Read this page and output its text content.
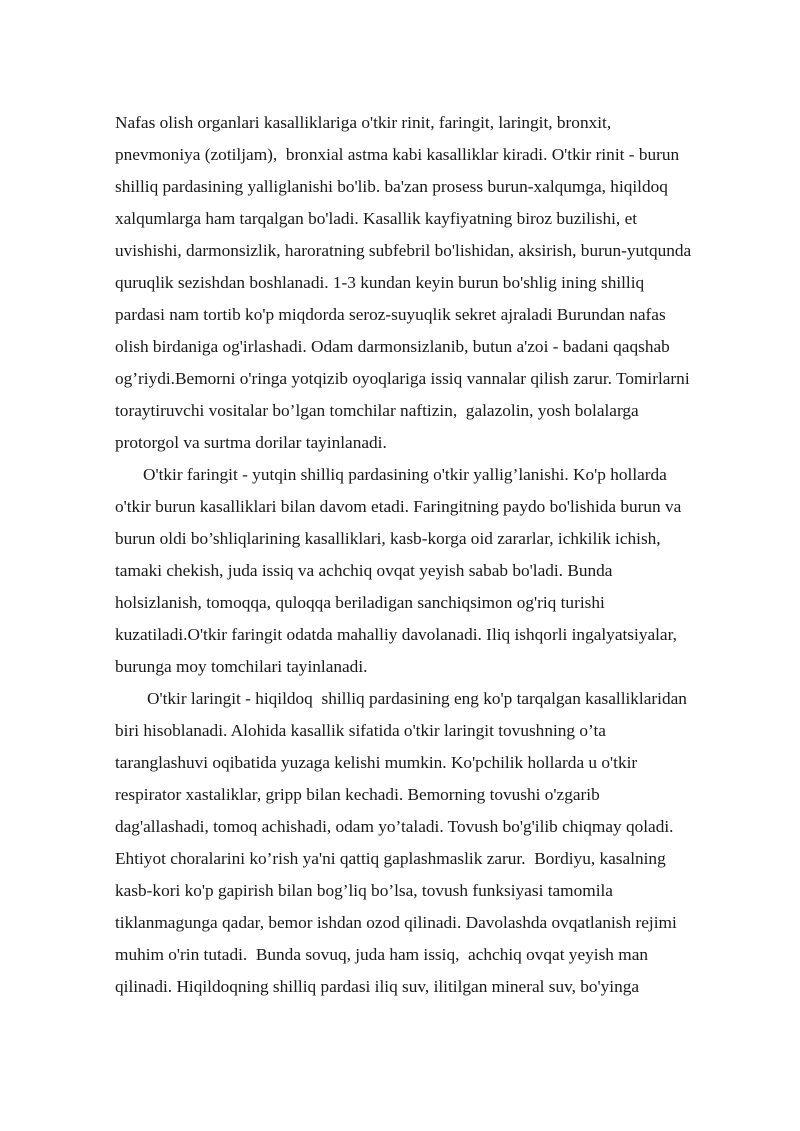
Nafas olish organlari kasalliklariga o'tkir rinit, faringit, laringit, bronxit,
pnevmoniya (zotiljam),  bronxial astma kabi kasalliklar kiradi. O'tkir rinit - burun
shilliq pardasining yalliglanishi bo'lib. ba'zan prosess burun-xalqumga, hiqildoq
xalqumlarga ham tarqalgan bo'ladi. Kasallik kayfiyatning biroz buzilishi, et
uvishishi, darmonsizlik, haroratning subfebril bo'lishidan, aksirish, burun-yutqunda
quruqlik sezishdan boshlanadi. 1-3 kundan keyin burun bo'shlig ining shilliq
pardasi nam tortib ko'p miqdorda seroz-suyuqlik sekret ajraladi Burundan nafas
olish birdaniga og'irlashadi. Odam darmonsizlanib, butun a'zoi - badani qaqshab
og’riydi.Bemorni o'ringa yotqizib oyoqlariga issiq vannalar qilish zarur. Tomirlarni
toraytiruvchi vositalar bo’lgan tomchilar naftizin,  galazolin, yosh bolalarga
protorgol va surtma dorilar tayinlanadi.
O'tkir faringit - yutqin shilliq pardasining o'tkir yallig’lanishi. Ko'p hollarda
o'tkir burun kasalliklari bilan davom etadi. Faringitning paydo bo'lishida burun va
burun oldi bo’shliqlarining kasalliklari, kasb-korga oid zararlar, ichkilik ichish,
tamaki chekish, juda issiq va achchiq ovqat yeyish sabab bo'ladi. Bunda
holsizlanish, tomoqqa, quloqqa beriladigan sanchiqsimon og'riq turishi
kuzatiladi.O'tkir faringit odatda mahalliy davolanadi. Iliq ishqorli ingalyatsiyalar,
burunga moy tomchilari tayinlanadi.
O'tkir laringit - hiqildoq  shilliq pardasining eng ko'p tarqalgan kasalliklaridan
biri hisoblanadi. Alohida kasallik sifatida o'tkir laringit tovushning o’ta
taranglashuvi oqibatida yuzaga kelishi mumkin. Ko'pchilik hollarda u o'tkir
respirator xastaliklar, gripp bilan kechadi. Bemorning tovushi o'zgarib
dag'allashadi, tomoq achishadi, odam yo’taladi. Tovush bo'g'ilib chiqmay qoladi.
Ehtiyot choralarini ko’rish ya'ni qattiq gaplashmaslik zarur.  Bordiyu, kasalning
kasb-kori ko'p gapirish bilan bog’liq bo’lsa, tovush funksiyasi tamomila
tiklanmagunga qadar, bemor ishdan ozod qilinadi. Davolashda ovqatlanish rejimi
muhim o'rin tutadi.  Bunda sovuq, juda ham issiq,  achchiq ovqat yeyish man
qilinadi. Hiqildoqning shilliq pardasi iliq suv, ilitilgan mineral suv, bo'yinga
